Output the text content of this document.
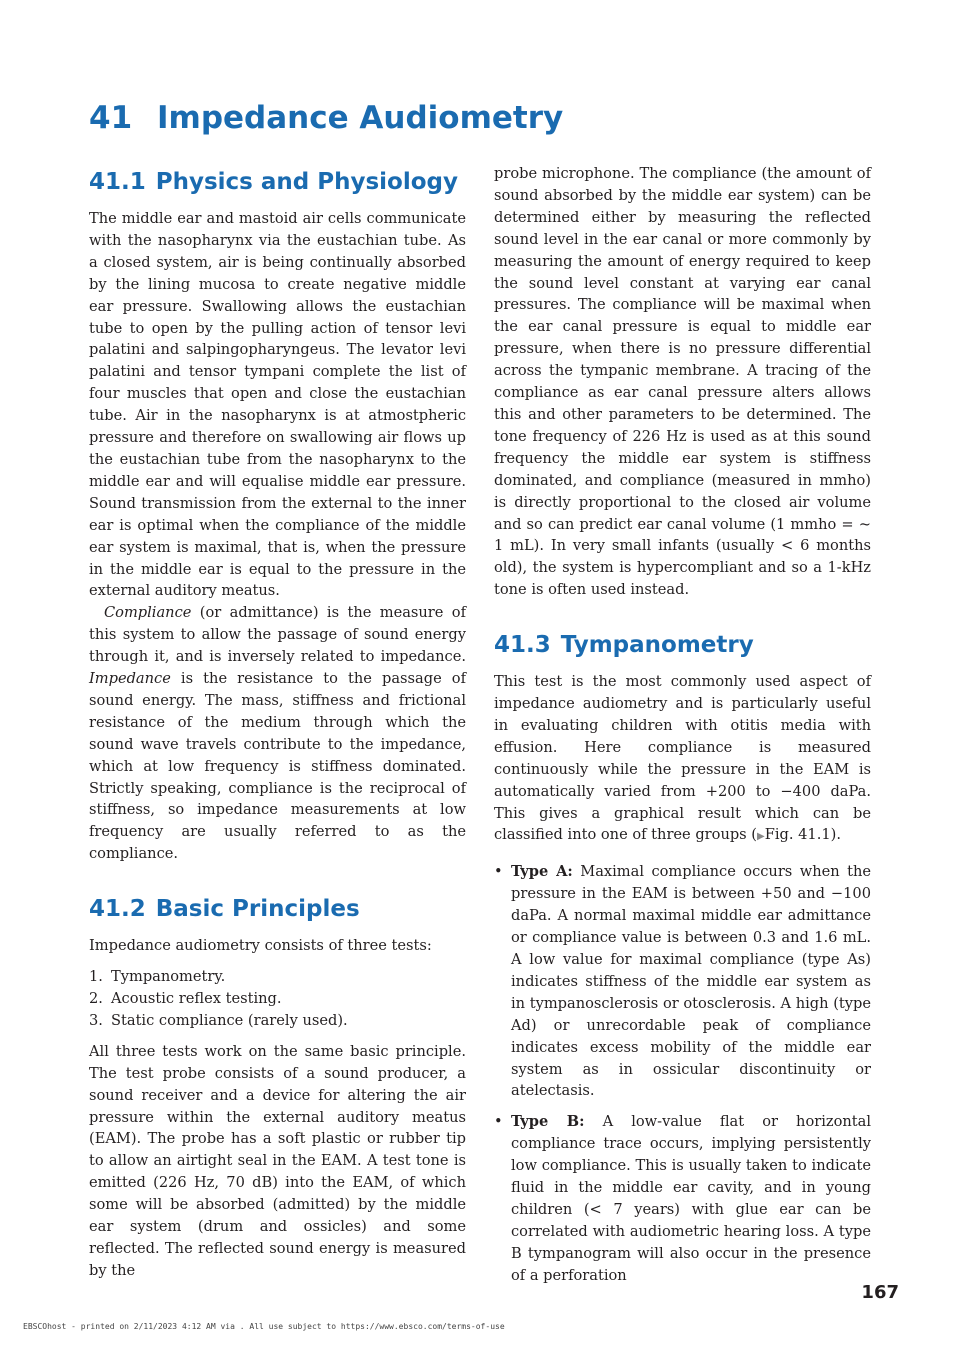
41 Impedance Audiometry
41.1 Physics and Physiology

The middle ear and mastoid air cells communicate with the nasopharynx via the eustachian tube. As a closed system, air is being continually absorbed by the lining mucosa to create negative middle ear pressure. Swallowing allows the eustachian tube to open by the pulling action of tensor levi palatini and salpingopharyngeus. The levator levi palatini and tensor tympani complete the list of four muscles that open and close the eustachian tube. Air in the nasopharynx is at atmostpheric pressure and therefore on swallowing air flows up the eustachian tube from the nasopharynx to the middle ear and will equalise middle ear pressure. Sound transmission from the external to the inner ear is optimal when the compliance of the middle ear system is maximal, that is, when the pressure in the middle ear is equal to the pressure in the external auditory meatus.

Compliance (or admittance) is the measure of this system to allow the passage of sound energy through it, and is inversely related to impedance. Impedance is the resistance to the passage of sound energy. The mass, stiffness and frictional resistance of the medium through which the sound wave travels contribute to the impedance, which at low frequency is stiffness dominated. Strictly speaking, compliance is the reciprocal of stiffness, so impedance measurements at low frequency are usually referred to as the compliance.

41.2 Basic Principles

Impedance audiometry consists of three tests:

1. Tympanometry.
2. Acoustic reflex testing.
3. Static compliance (rarely used).

All three tests work on the same basic principle. The test probe consists of a sound producer, a sound receiver and a device for altering the air pressure within the external auditory meatus (EAM). The probe has a soft plastic or rubber tip to allow an airtight seal in the EAM. A test tone is emitted (226 Hz, 70 dB) into the EAM, of which some will be absorbed (admitted) by the middle ear system (drum and ossicles) and some reflected. The reflected sound energy is measured by the

probe microphone. The compliance (the amount of sound absorbed by the middle ear system) can be determined either by measuring the reflected sound level in the ear canal or more commonly by measuring the amount of energy required to keep the sound level constant at varying ear canal pressures. The compliance will be maximal when the ear canal pressure is equal to middle ear pressure, when there is no pressure differential across the tympanic membrane. A tracing of the compliance as ear canal pressure alters allows this and other parameters to be determined. The tone frequency of 226 Hz is used as at this sound frequency the middle ear system is stiffness dominated, and compliance (measured in mmho) is directly proportional to the closed air volume and so can predict ear canal volume (1 mmho = ~ 1 mL). In very small infants (usually < 6 months old), the system is hypercompliant and so a 1-kHz tone is often used instead.

41.3 Tympanometry

This test is the most commonly used aspect of impedance audiometry and is particularly useful in evaluating children with otitis media with effusion. Here compliance is measured continuously while the pressure in the EAM is automatically varied from +200 to −400 daPa. This gives a graphical result which can be classified into one of three groups (▶Fig. 41.1).

• Type A: Maximal compliance occurs when the pressure in the EAM is between +50 and −100 daPa. A normal maximal middle ear admittance or compliance value is between 0.3 and 1.6 mL. A low value for maximal compliance (type As) indicates stiffness of the middle ear system as in tympanosclerosis or otosclerosis. A high (type Ad) or unrecordable peak of compliance indicates excess mobility of the middle ear system as in ossicular discontinuity or atelectasis.
• Type B: A low-value flat or horizontal compliance trace occurs, implying persistently low compliance. This is usually taken to indicate fluid in the middle ear cavity, and in young children (< 7 years) with glue ear can be correlated with audiometric hearing loss. A type B tympanogram will also occur in the presence of a perforation
167
EBSCOhost - printed on 2/11/2023 4:12 AM via . All use subject to https://www.ebsco.com/terms-of-use
